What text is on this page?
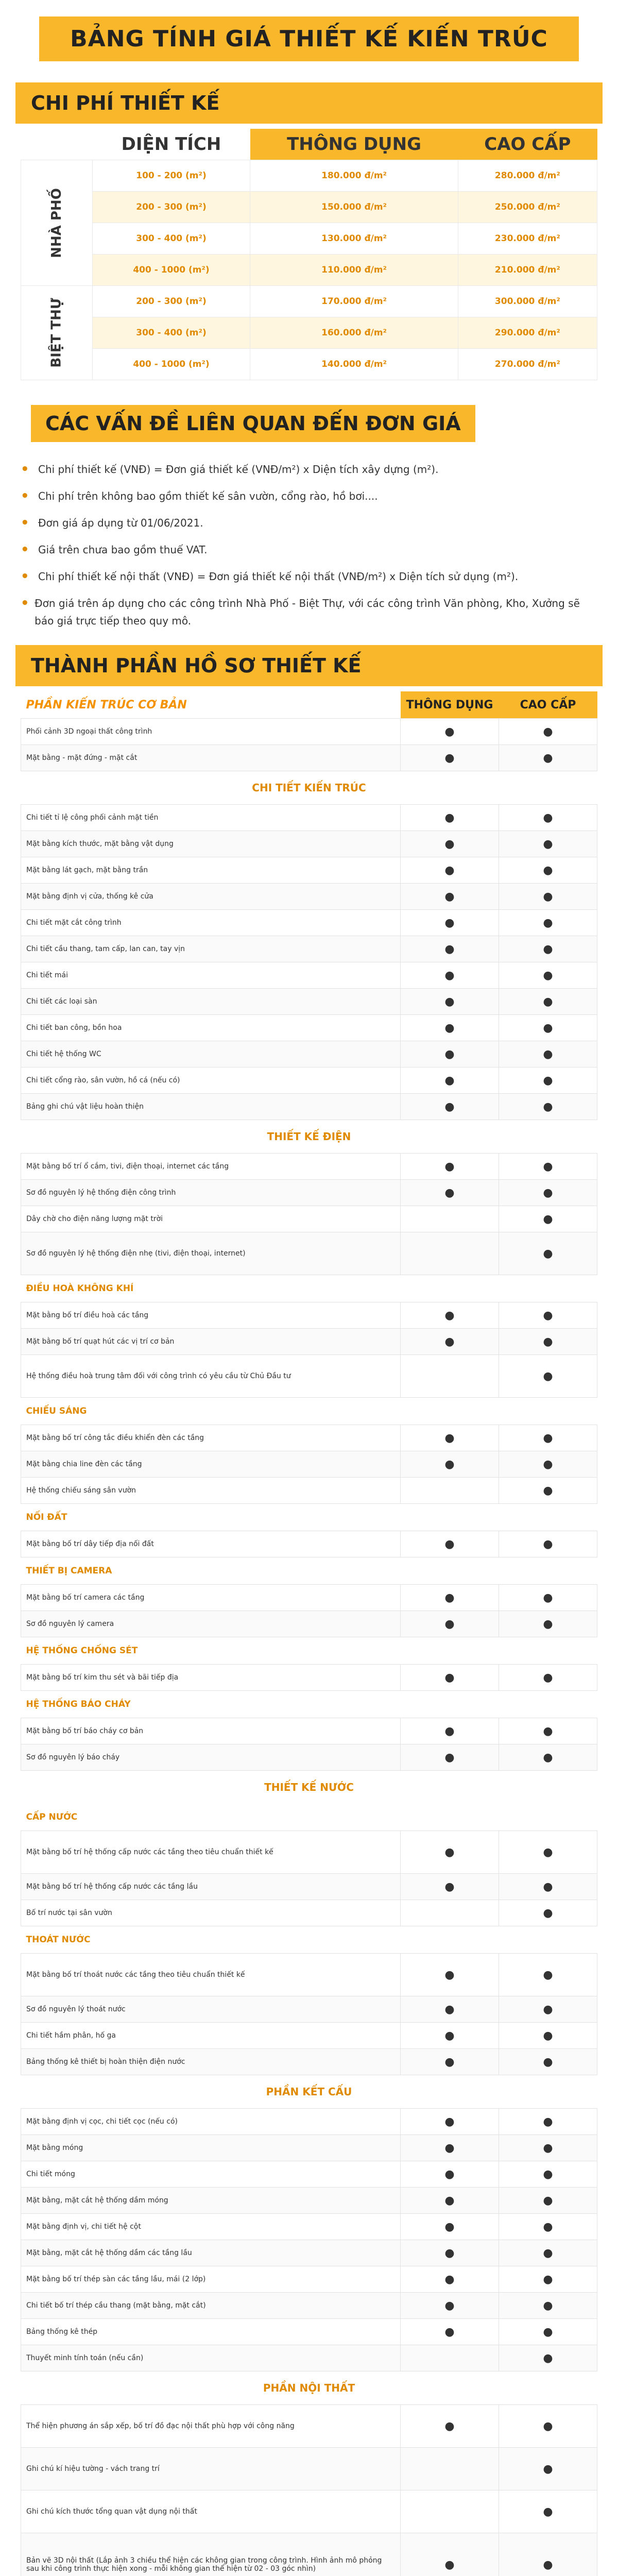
BẢNG TÍNH GIÁ THIẾT KẾ KIẾN TRÚC
CHI PHÍ THIẾT KẾ
	DIỆN TÍCH	THÔNG DỤNG	CAO CẤP
NHÀ PHỐ	100 - 200 (m²)	180.000 đ/m²	280.000 đ/m²
	200 - 300 (m²)	150.000 đ/m²	250.000 đ/m²
	300 - 400 (m²)	130.000 đ/m²	230.000 đ/m²
	400 - 1000 (m²)	110.000 đ/m²	210.000 đ/m²
BIỆT THỰ	200 - 300 (m²)	170.000 đ/m²	300.000 đ/m²
	300 - 400 (m²)	160.000 đ/m²	290.000 đ/m²
	400 - 1000 (m²)	140.000 đ/m²	270.000 đ/m²
CÁC VẤN ĐỀ LIÊN QUAN ĐẾN ĐƠN GIÁ
• Chi phí thiết kế (VNĐ) = Đơn giá thiết kế (VNĐ/m²) x Diện tích xây dựng (m²).
• Chi phí trên không bao gồm thiết kế sân vườn, cổng rào, hồ bơi....
• Đơn giá áp dụng từ 01/06/2021.
• Giá trên chưa bao gồm thuế VAT.
• Chi phí thiết kế nội thất (VNĐ) = Đơn giá thiết kế nội thất (VNĐ/m²) x Diện tích sử dụng (m²).
• Đơn giá trên áp dụng cho các công trình Nhà Phố - Biệt Thự, với các công trình Văn phòng, Kho, Xưởng sẽ báo giá trực tiếp theo quy mô.
THÀNH PHẦN HỒ SƠ THIẾT KẾ
PHẦN KIẾN TRÚC CƠ BẢN	THÔNG DỤNG	CAO CẤP
Phối cảnh 3D ngoại thất công trình	●	●
Mặt bằng - mặt đứng - mặt cắt	●	●
CHI TIẾT KIẾN TRÚC		
Chi tiết tỉ lệ công phối cảnh mặt tiền	●	●
Mặt bằng kích thước, mặt bằng vật dụng	●	●
Mặt bằng lát gạch, mặt bằng trần	●	●
Mặt bằng định vị cửa, thống kê cửa	●	●
Chi tiết mặt cắt công trình	●	●
Chi tiết cầu thang, tam cấp, lan can, tay vịn	●	●
Chi tiết mái	●	●
Chi tiết các loại sàn	●	●
Chi tiết ban công, bồn hoa	●	●
Chi tiết hệ thống WC	●	●
Chi tiết cổng rào, sân vườn, hồ cá (nếu có)	●	●
Bảng ghi chú vật liệu hoàn thiện	●	●
THIẾT KẾ ĐIỆN		
Mặt bằng bố trí ổ cắm, tivi, điện thoại, internet các tầng	●	●
Sơ đồ nguyên lý hệ thống điện công trình	●	●
Dây chờ cho điện năng lượng mặt trời		●
Sơ đồ nguyên lý hệ thống điện nhẹ (tivi, điện thoại, internet)		●
ĐIỀU HOÀ KHÔNG KHÍ		
Mặt bằng bố trí điều hoà các tầng	●	●
Mặt bằng bố trí quạt hút các vị trí cơ bản	●	●
Hệ thống điều hoà trung tâm đối với công trình có yêu cầu từ Chủ Đầu tư		●
CHIẾU SÁNG		
Mặt bằng bố trí công tắc điều khiển đèn các tầng	●	●
Mặt bằng chia line đèn các tầng	●	●
Hệ thống chiếu sáng sân vườn		●
NỐI ĐẤT		
Mặt bằng bố trí dây tiếp địa nối đất	●	●
THIẾT BỊ CAMERA		
Mặt bằng bố trí camera các tầng	●	●
Sơ đồ nguyên lý camera	●	●
HỆ THỐNG CHỐNG SÉT		
Mặt bằng bố trí kim thu sét và bãi tiếp địa	●	●
HỆ THỐNG BÁO CHÁY		
Mặt bằng bố trí báo cháy cơ bản	●	●
Sơ đồ nguyên lý báo cháy	●	●
THIẾT KẾ NƯỚC		
CẤP NƯỚC		
Mặt bằng bố trí hệ thống cấp nước các tầng theo tiêu chuẩn thiết kế	●	●
Mặt bằng bố trí hệ thống cấp nước các tầng lầu	●	●
Bố trí nước tại sân vườn		●
THOÁT NƯỚC		
Mặt bằng bố trí thoát nước các tầng theo tiêu chuẩn thiết kế	●	●
Sơ đồ nguyên lý thoát nước	●	●
Chi tiết hầm phân, hố ga	●	●
Bảng thống kê thiết bị hoàn thiện điện nước	●	●
PHẦN KẾT CẤU		
Mặt bằng định vị cọc, chi tiết cọc (nếu có)	●	●
Mặt bằng móng	●	●
Chi tiết móng	●	●
Mặt bằng, mặt cắt hệ thống dầm móng	●	●
Mặt bằng định vị, chi tiết hệ cột	●	●
Mặt bằng, mặt cắt hệ thống dầm các tầng lầu	●	●
Mặt bằng bố trí thép sàn các tầng lầu, mái (2 lớp)	●	●
Chi tiết bố trí thép cầu thang (mặt bằng, mặt cắt)	●	●
Bảng thống kê thép	●	●
Thuyết minh tính toán (nếu cần)		●
PHẦN NỘI THẤT		
Thể hiện phương án sắp xếp, bố trí đồ đạc nội thất phù hợp với công năng	●	●
Ghi chú kí hiệu tường - vách trang trí		●
Ghi chú kích thước tổng quan vật dụng nội thất		●
Bản vẽ 3D nội thất (Lắp ảnh 3 chiều thể hiện các không gian trong công trình. Hình ảnh mô phỏng sau khi công trình thực hiện xong - mỗi không gian thể hiện từ 02 - 03 góc nhìn)	●	●
